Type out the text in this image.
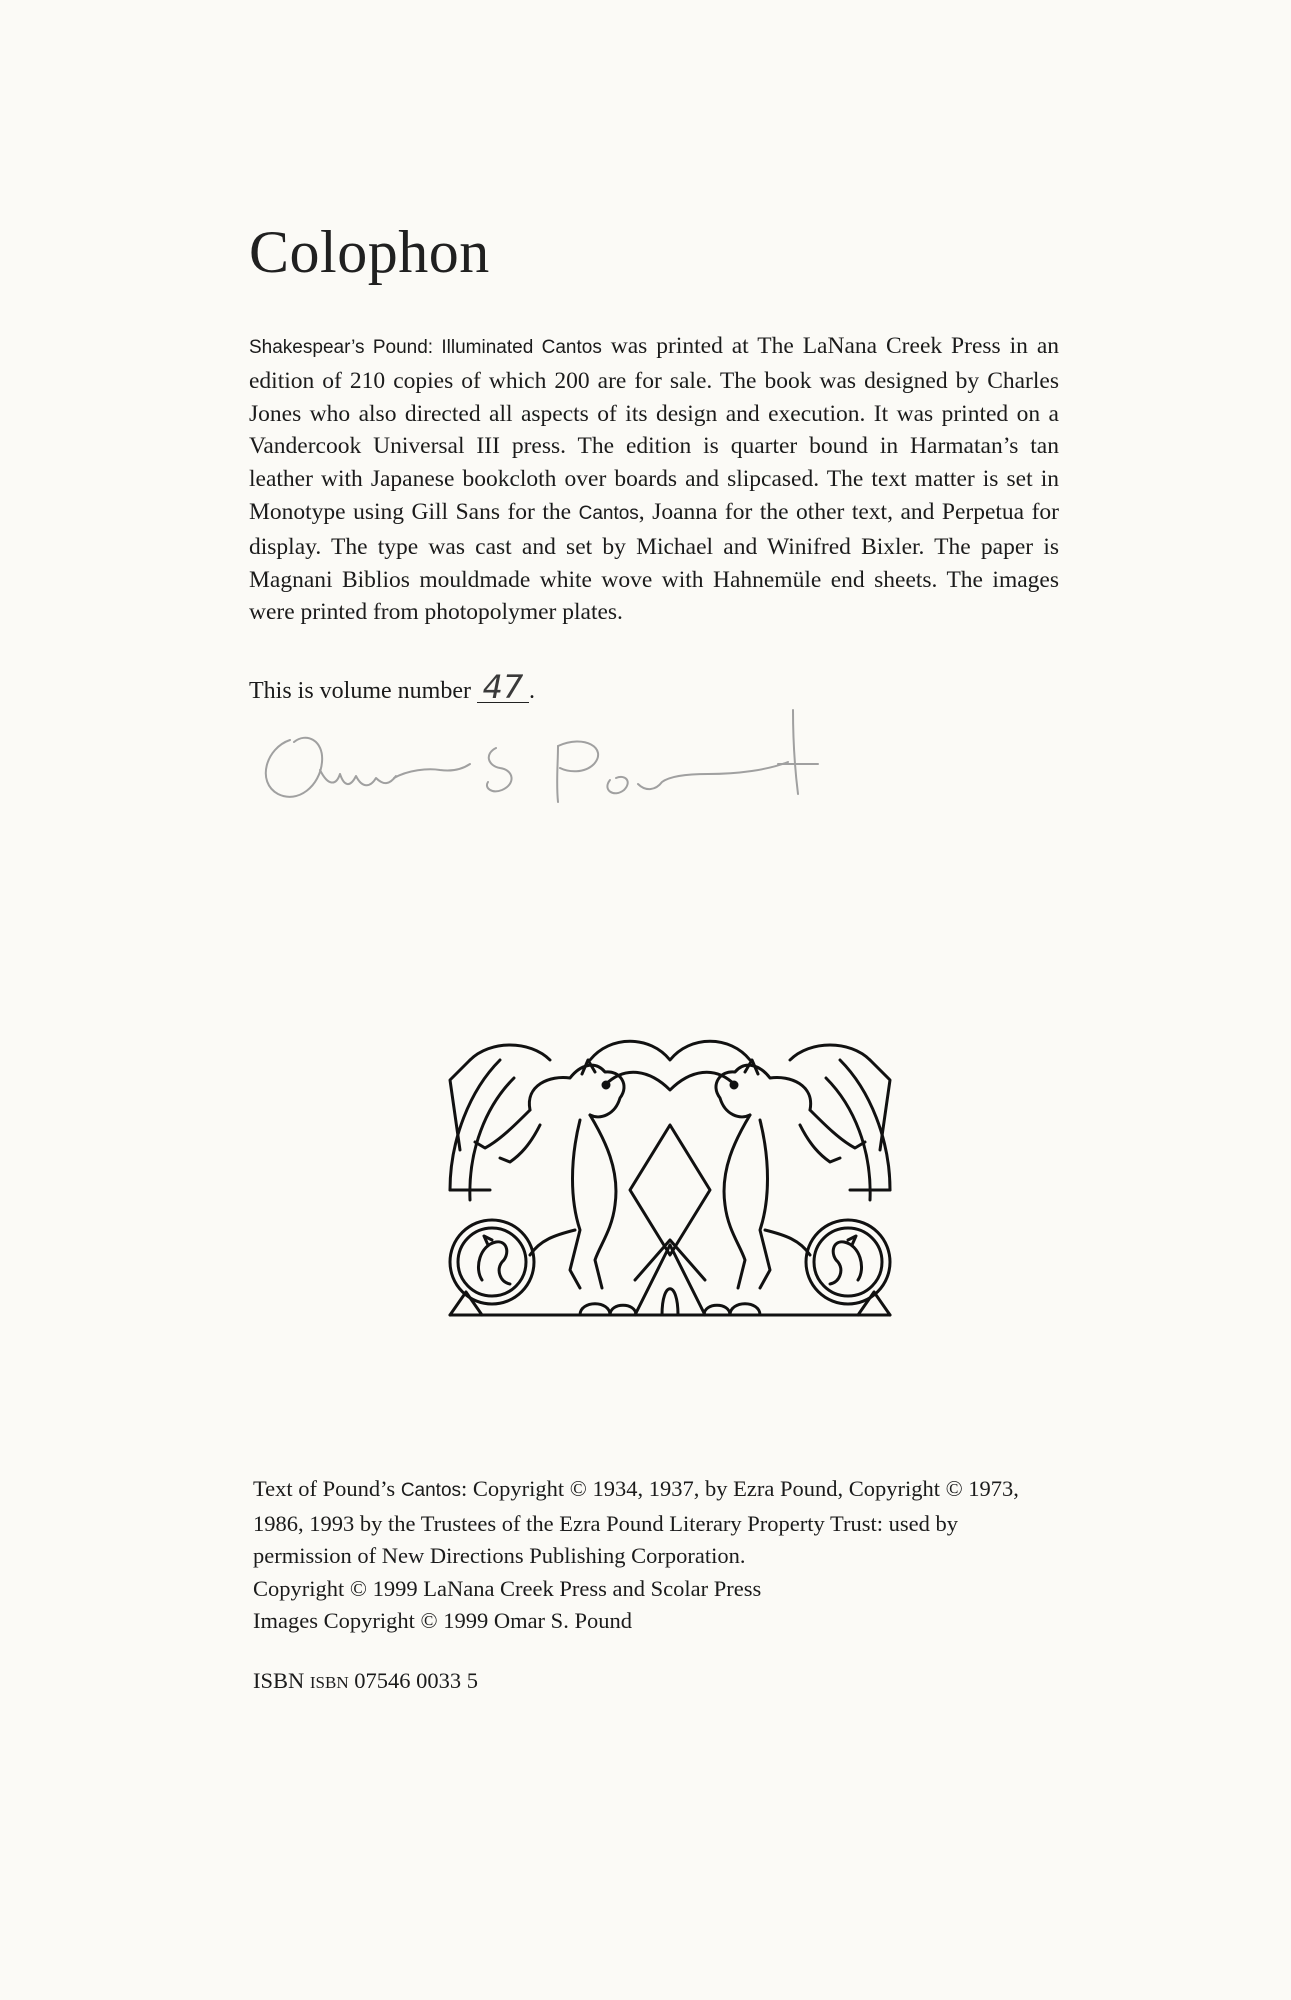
Colophon

Shakespear’s Pound: Illuminated Cantos was printed at The LaNana Creek Press in an edition of 210 copies of which 200 are for sale. The book was designed by Charles Jones who also directed all aspects of its design and execution. It was printed on a Vandercook Universal III press. The edition is quarter bound in Harmatan’s tan leather with Japanese bookcloth over boards and slipcased. The text matter is set in Monotype using Gill Sans for the Cantos, Joanna for the other text, and Perpetua for display. The type was cast and set by Michael and Winifred Bixler. The paper is Magnani Biblios mouldmade white wove with Hahnemüle end sheets. The images were printed from photopolymer plates.

This is volume number 47 .

Text of Pound’s Cantos: Copyright © 1934, 1937, by Ezra Pound, Copyright © 1973, 1986, 1993 by the Trustees of the Ezra Pound Literary Property Trust: used by permission of New Directions Publishing Corporation.

Copyright © 1999 LaNana Creek Press and Scolar Press

Images Copyright © 1999 Omar S. Pound

ISBN ISBN 07546 0033 5
